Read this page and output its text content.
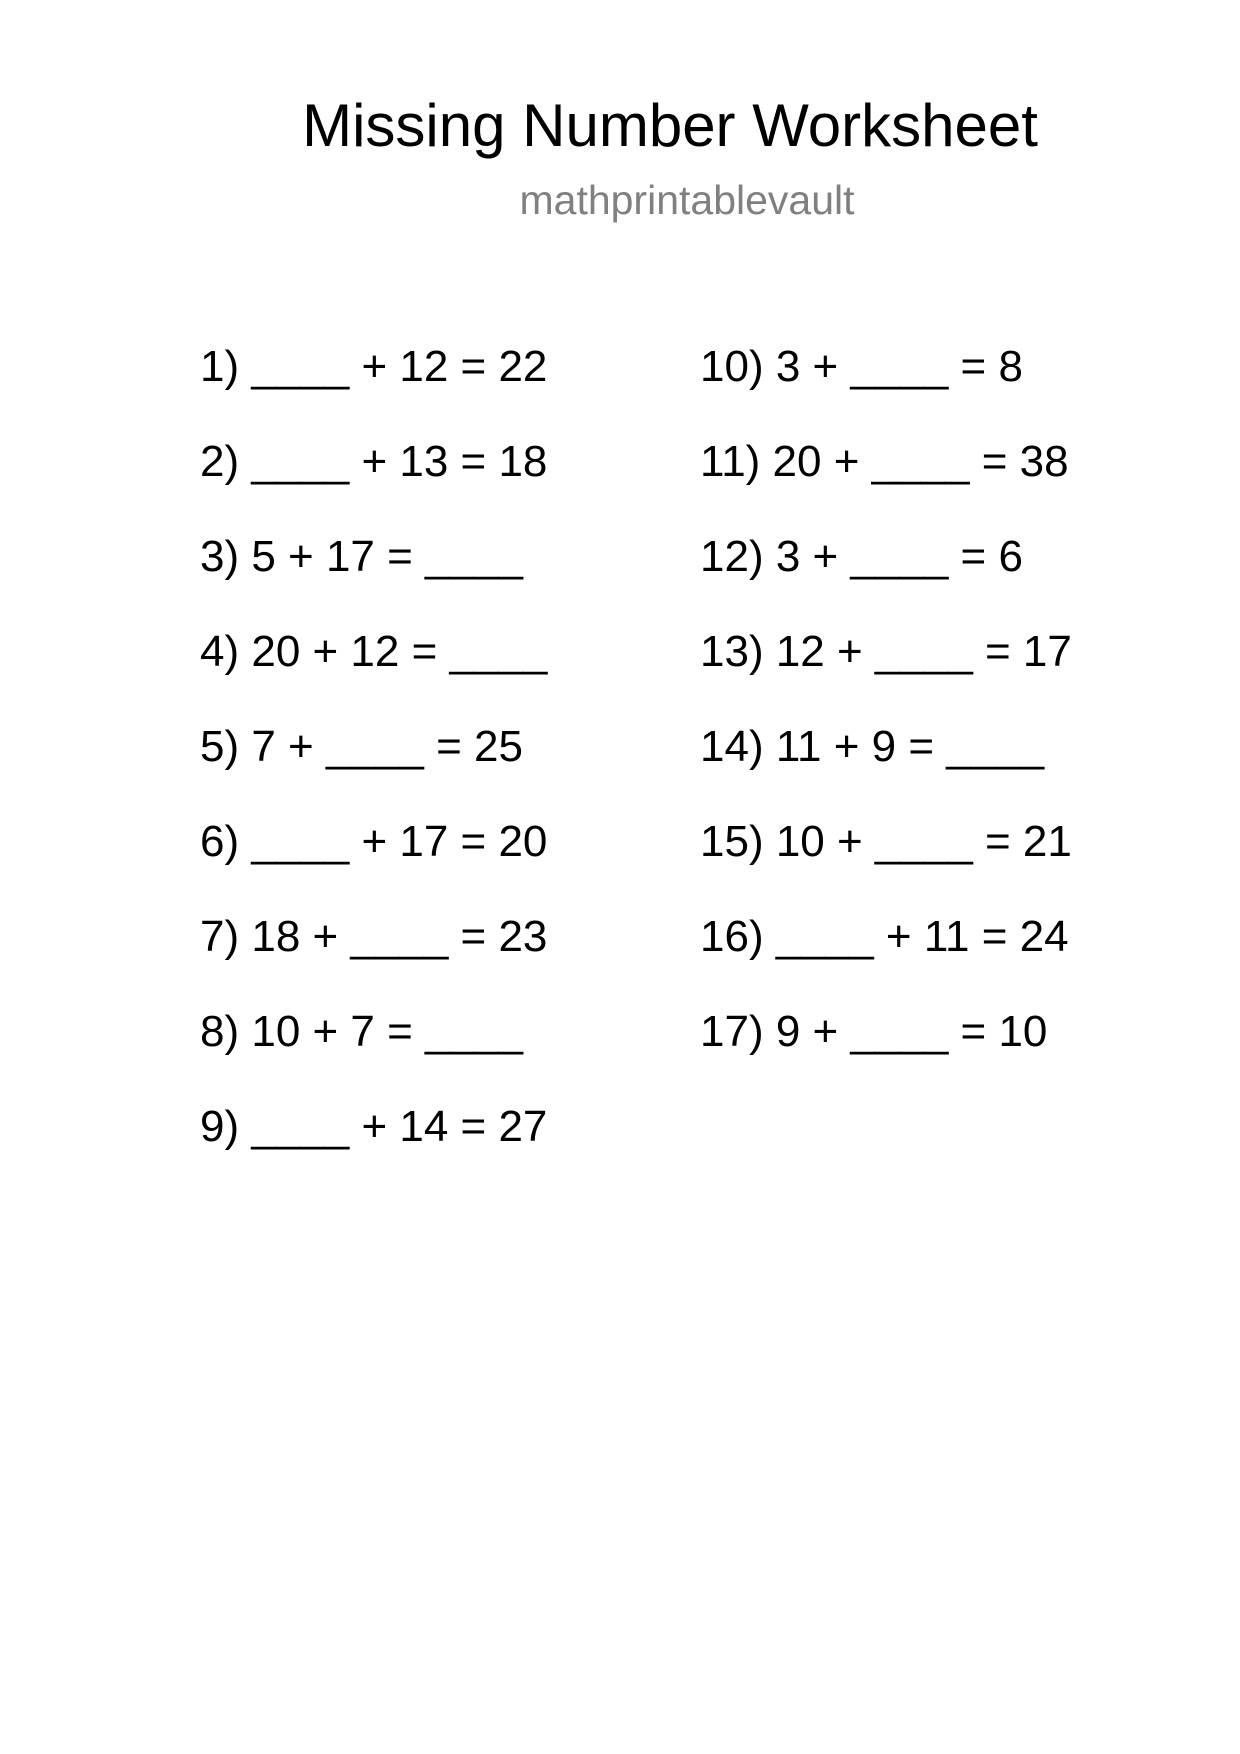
Missing Number Worksheet
mathprintablevault
1) ____ + 12 = 22
2) ____ + 13 = 18
3) 5 + 17 = ____
4) 20 + 12 = ____
5) 7 + ____ = 25
6) ____ + 17 = 20
7) 18 + ____ = 23
8) 10 + 7 = ____
9) ____ + 14 = 27
10) 3 + ____ = 8
11) 20 + ____ = 38
12) 3 + ____ = 6
13) 12 + ____ = 17
14) 11 + 9 = ____
15) 10 + ____ = 21
16) ____ + 11 = 24
17) 9 + ____ = 10
